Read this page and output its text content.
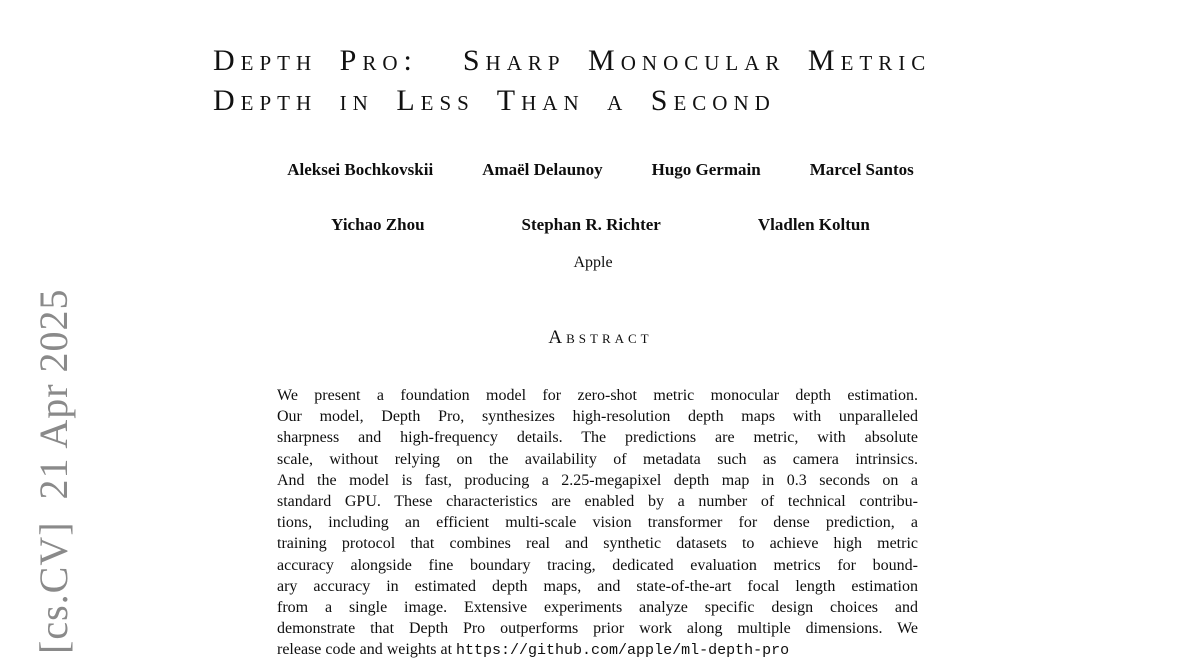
[cs.CV]  21 Apr 2025
Depth Pro:  Sharp Monocular Metric
Depth in Less Than a Second
Aleksei Bochkovskii	Amaël Delaunoy	Hugo Germain	Marcel Santos
Yichao Zhou	Stephan R. Richter	Vladlen Koltun
Apple
Abstract
We present a foundation model for zero-shot metric monocular depth estimation.
Our model, Depth Pro, synthesizes high-resolution depth maps with unparalleled
sharpness and high-frequency details. The predictions are metric, with absolute
scale, without relying on the availability of metadata such as camera intrinsics.
And the model is fast, producing a 2.25-megapixel depth map in 0.3 seconds on a
standard GPU. These characteristics are enabled by a number of technical contribu-
tions, including an efficient multi-scale vision transformer for dense prediction, a
training protocol that combines real and synthetic datasets to achieve high metric
accuracy alongside fine boundary tracing, dedicated evaluation metrics for bound-
ary accuracy in estimated depth maps, and state-of-the-art focal length estimation
from a single image. Extensive experiments analyze specific design choices and
demonstrate that Depth Pro outperforms prior work along multiple dimensions. We
release code and weights at https://github.com/apple/ml-depth-pro
